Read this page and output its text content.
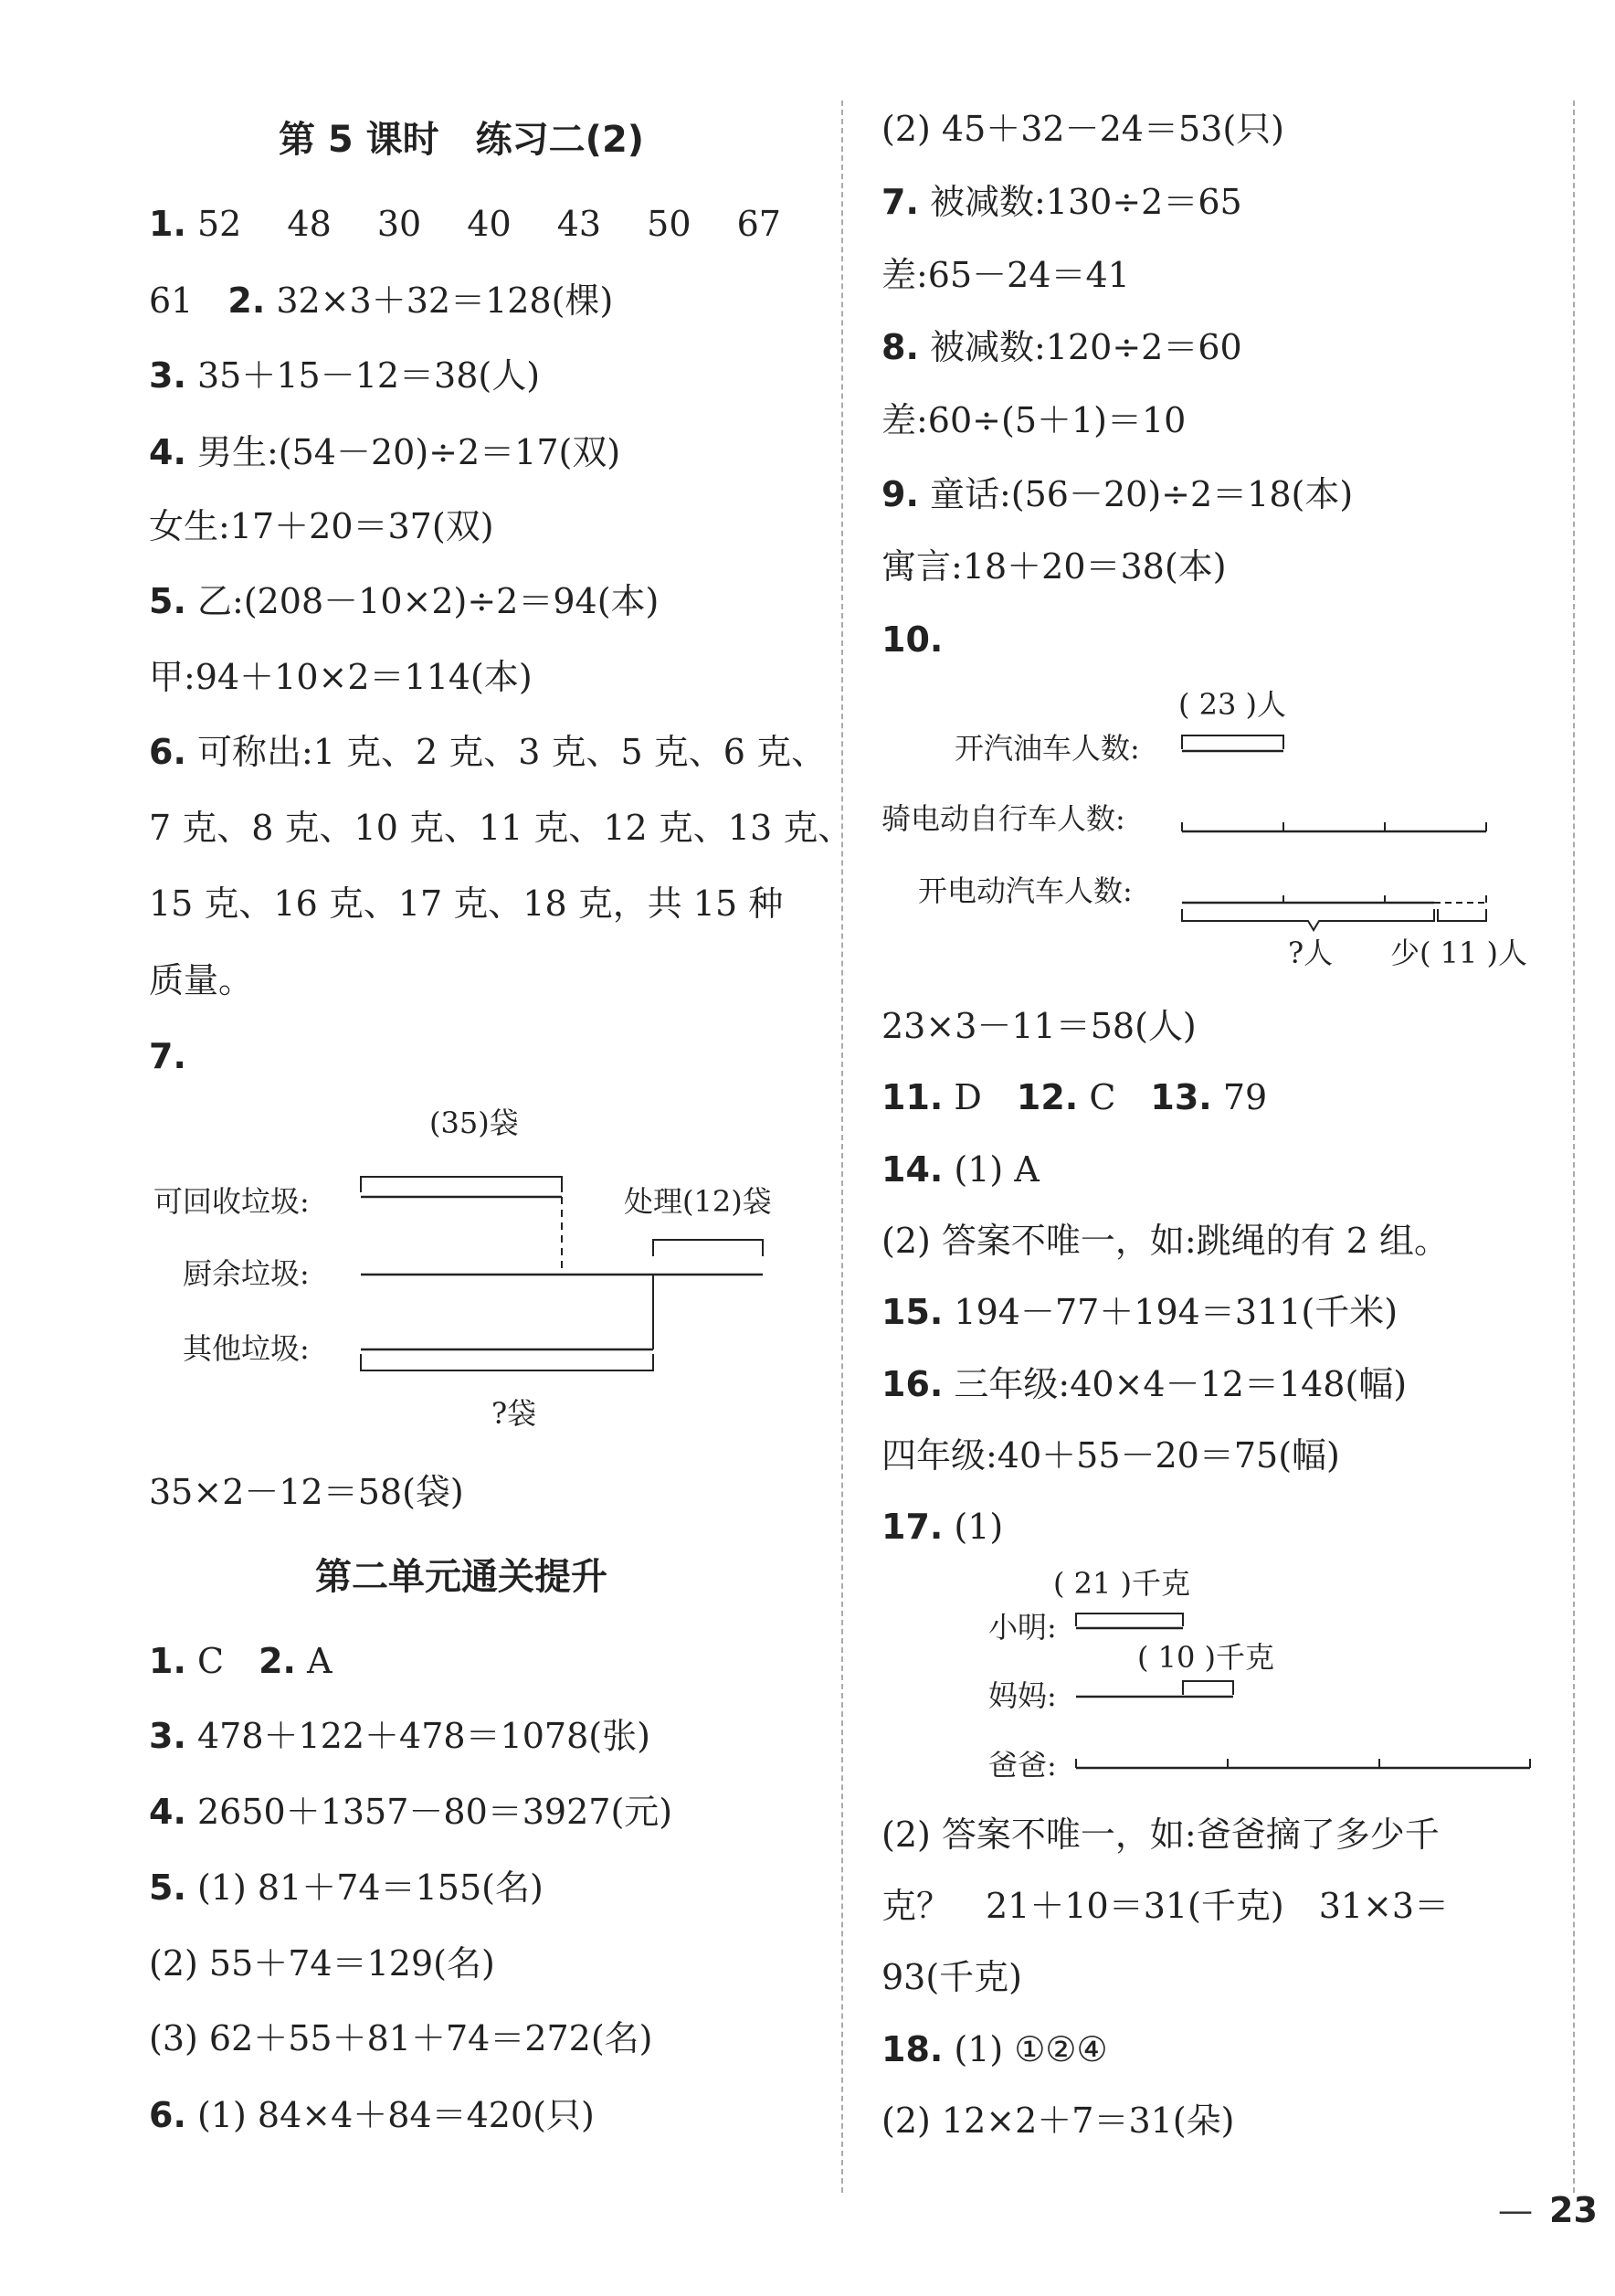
第 5 课时　练习二(2)
1. 52　 48　 30　 40　 43　 50　 67
61　 2. 32×3＋32＝128(棵)
3. 35＋15－12＝38(人)
4. 男生:(54－20)÷2＝17(双)
女生:17＋20＝37(双)
5. 乙:(208－10×2)÷2＝94(本)
甲:94＋10×2＝114(本)
6. 可称出:1 克、2 克、3 克、5 克、6 克、
7 克、8 克、10 克、11 克、12 克、13 克、
15 克、16 克、17 克、18 克，共 15 种
质量。
7.
(35)袋
可回收垃圾:	处理(12)袋
厨余垃圾:
其他垃圾:
?袋
35×2－12＝58(袋)
第二单元通关提升
1. C　 2. A
3. 478＋122＋478＝1078(张)
4. 2650＋1357－80＝3927(元)
5. (1) 81＋74＝155(名)
(2) 55＋74＝129(名)
(3) 62＋55＋81＋74＝272(名)
6. (1) 84×4＋84＝420(只)
(2) 45＋32－24＝53(只)
7. 被减数:130÷2＝65
差:65－24＝41
8. 被减数:120÷2＝60
差:60÷(5＋1)＝10
9. 童话:(56－20)÷2＝18(本)
寓言:18＋20＝38(本)
10.
( 23 )人
开汽油车人数:
骑电动自行车人数:
开电动汽车人数:
?人 少( 11 )人
23×3－11＝58(人)
11. D　 12. C　 13. 79
14. (1) A
(2) 答案不唯一，如:跳绳的有 2 组。
15. 194－77＋194＝311(千米)
16. 三年级:40×4－12＝148(幅)
四年级:40＋55－20＝75(幅)
17. (1)
( 21 )千克
小明:
( 10 )千克
妈妈:
爸爸:
(2) 答案不唯一，如:爸爸摘了多少千
克？　21＋10＝31(千克)　31×3＝
93(千克)
18. (1) ①②④
(2) 12×2＋7＝31(朵)
— 23
